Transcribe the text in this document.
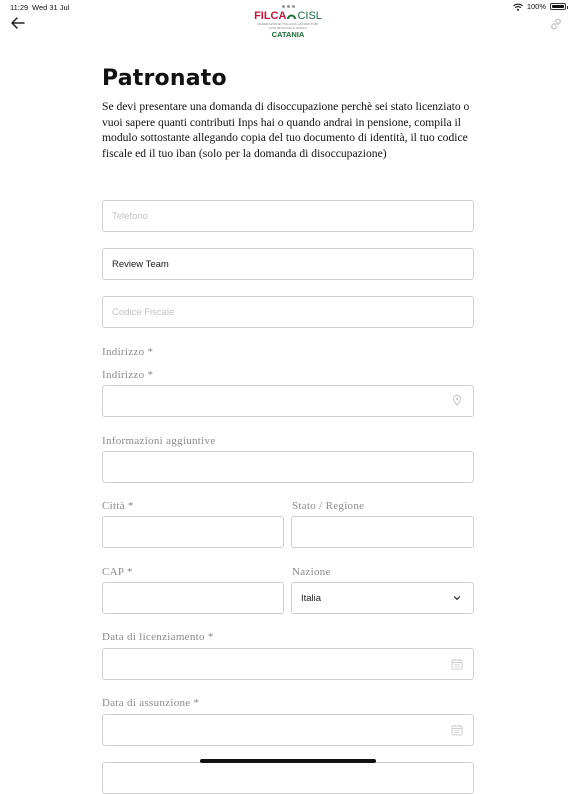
11:29 Wed 31 Jul	100%
FILCA CISL
FEDERAZIONE ITALIANA LAVORATORI COSTRUZIONI E AFFINI
CATANIA
Patronato

Se devi presentare una domanda di disoccupazione perchè sei stato licenziato o vuoi sapere quanti contributi Inps hai o quando andrai in pensione, compila il modulo sottostante allegando copia del tuo documento di identità, il tuo codice fiscale ed il tuo iban (solo per la domanda di disoccupazione)

Telefono
Review Team
Codice Fiscale
Indirizzo *
Indirizzo *
Informazioni aggiuntive
Città *	Stato / Regione
CAP *	Nazione
Italia
Data di licenziamento *
Data di assunzione *
